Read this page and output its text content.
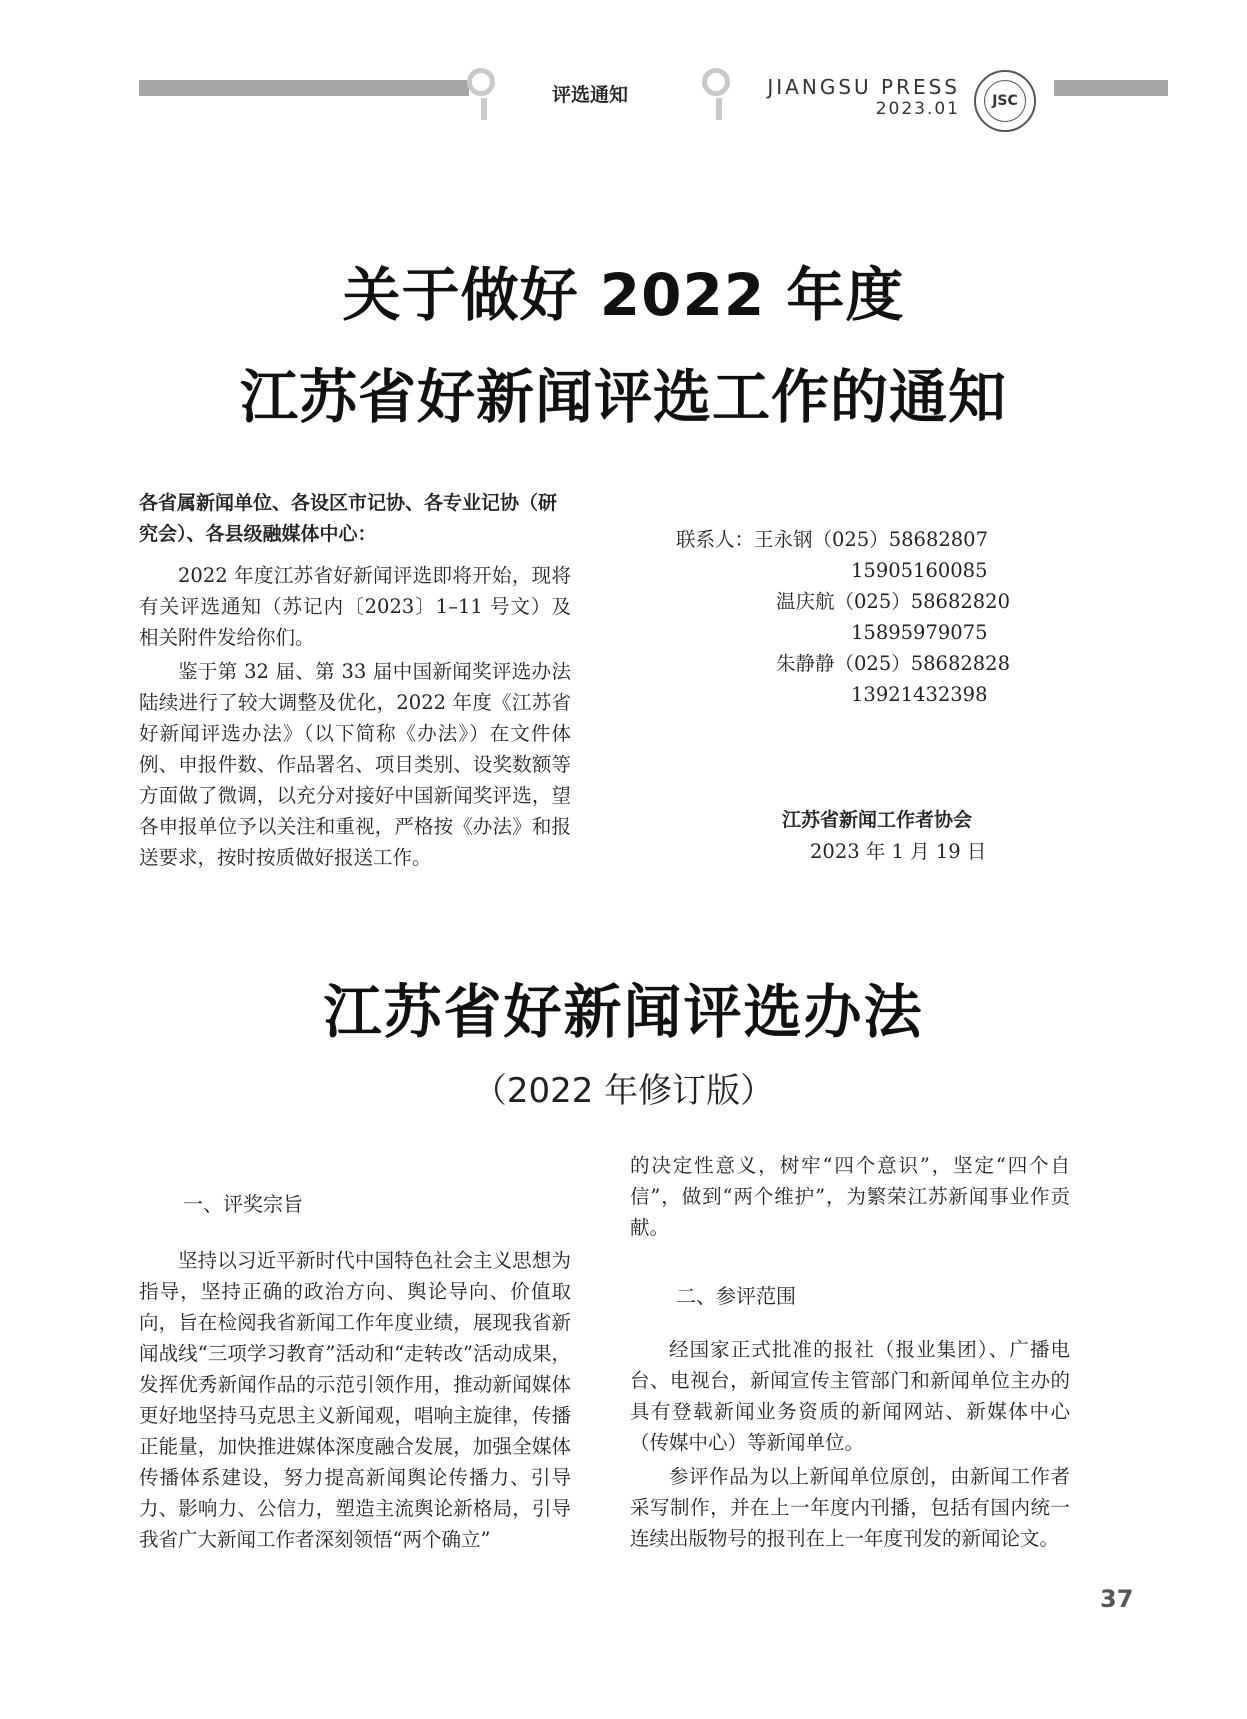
评选通知	JIANGSU PRESS
2023.01	JSC
关于做好 2022 年度
江苏省好新闻评选工作的通知
各省属新闻单位、各设区市记协、各专业记协（研究会）、各县级融媒体中心：
2022 年度江苏省好新闻评选即将开始，现将有关评选通知（苏记内〔2023〕1–11 号文）及相关附件发给你们。
鉴于第 32 届、第 33 届中国新闻奖评选办法陆续进行了较大调整及优化，2022 年度《江苏省好新闻评选办法》（以下简称《办法》）在文件体例、申报件数、作品署名、项目类别、设奖数额等方面做了微调，以充分对接好中国新闻奖评选，望各申报单位予以关注和重视，严格按《办法》和报送要求，按时按质做好报送工作。
联系人：王永钢（025）58682807
15905160085
温庆航（025）58682820
15895979075
朱静静（025）58682828
13921432398
江苏省新闻工作者协会
2023 年 1 月 19 日
江苏省好新闻评选办法
（2022 年修订版）
一、评奖宗旨
坚持以习近平新时代中国特色社会主义思想为指导，坚持正确的政治方向、舆论导向、价值取向，旨在检阅我省新闻工作年度业绩，展现我省新闻战线“三项学习教育”活动和“走转改”活动成果，发挥优秀新闻作品的示范引领作用，推动新闻媒体更好地坚持马克思主义新闻观，唱响主旋律，传播正能量，加快推进媒体深度融合发展，加强全媒体传播体系建设，努力提高新闻舆论传播力、引导力、影响力、公信力，塑造主流舆论新格局，引导我省广大新闻工作者深刻领悟“两个确立”
的决定性意义，树牢“四个意识”，坚定“四个自信”，做到“两个维护”，为繁荣江苏新闻事业作贡献。
二、参评范围
经国家正式批准的报社（报业集团）、广播电台、电视台，新闻宣传主管部门和新闻单位主办的具有登载新闻业务资质的新闻网站、新媒体中心（传媒中心）等新闻单位。
参评作品为以上新闻单位原创，由新闻工作者采写制作，并在上一年度内刊播，包括有国内统一连续出版物号的报刊在上一年度刊发的新闻论文。
37
